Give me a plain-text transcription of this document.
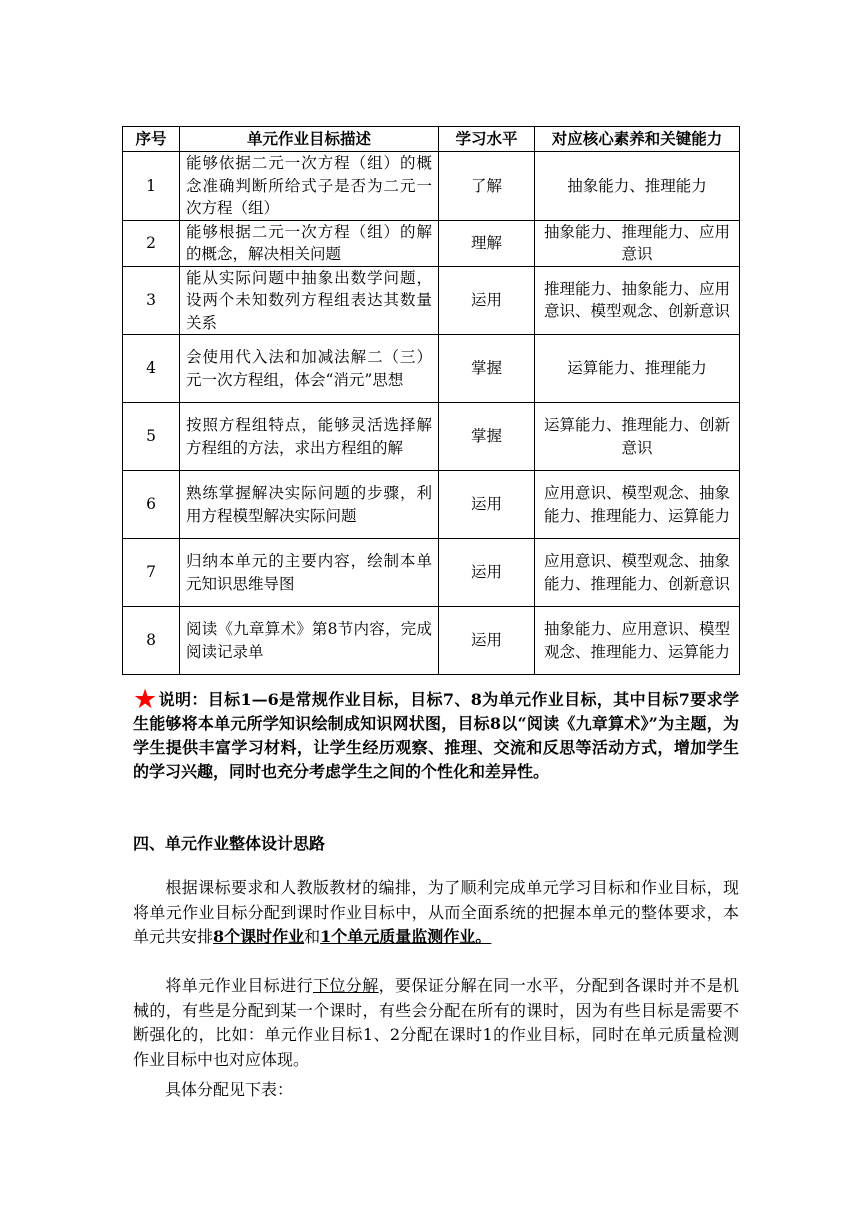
序号	单元作业目标描述	学习水平	对应核心素养和关键能力
1	能够依据二元一次方程（组）的概念准确判断所给式子是否为二元一次方程（组）	了解	抽象能力、推理能力
2	能够根据二元一次方程（组）的解的概念，解决相关问题	理解	抽象能力、推理能力、应用意识
3	能从实际问题中抽象出数学问题，设两个未知数列方程组表达其数量关系	运用	推理能力、抽象能力、应用意识、模型观念、创新意识
4	会使用代入法和加减法解二（三）元一次方程组，体会“消元”思想	掌握	运算能力、推理能力
5	按照方程组特点，能够灵活选择解方程组的方法，求出方程组的解	掌握	运算能力、推理能力、创新意识
6	熟练掌握解决实际问题的步骤，利用方程模型解决实际问题	运用	应用意识、模型观念、抽象能力、推理能力、运算能力
7	归纳本单元的主要内容，绘制本单元知识思维导图	运用	应用意识、模型观念、抽象能力、推理能力、创新意识
8	阅读《九章算术》第8节内容，完成阅读记录单	运用	抽象能力、应用意识、模型观念、推理能力、运算能力
★说明：目标1—6是常规作业目标，目标7、8为单元作业目标，其中目标7要求学生能够将本单元所学知识绘制成知识网状图，目标8以“阅读《九章算术》”为主题，为学生提供丰富学习材料，让学生经历观察、推理、交流和反思等活动方式，增加学生的学习兴趣，同时也充分考虑学生之间的个性化和差异性。
四、单元作业整体设计思路
根据课标要求和人教版教材的编排，为了顺利完成单元学习目标和作业目标，现将单元作业目标分配到课时作业目标中，从而全面系统的把握本单元的整体要求，本单元共安排8个课时作业和1个单元质量监测作业。
将单元作业目标进行下位分解，要保证分解在同一水平，分配到各课时并不是机械的，有些是分配到某一个课时，有些会分配在所有的课时，因为有些目标是需要不断强化的，比如：单元作业目标1、2分配在课时1的作业目标，同时在单元质量检测作业目标中也对应体现。
具体分配见下表：
